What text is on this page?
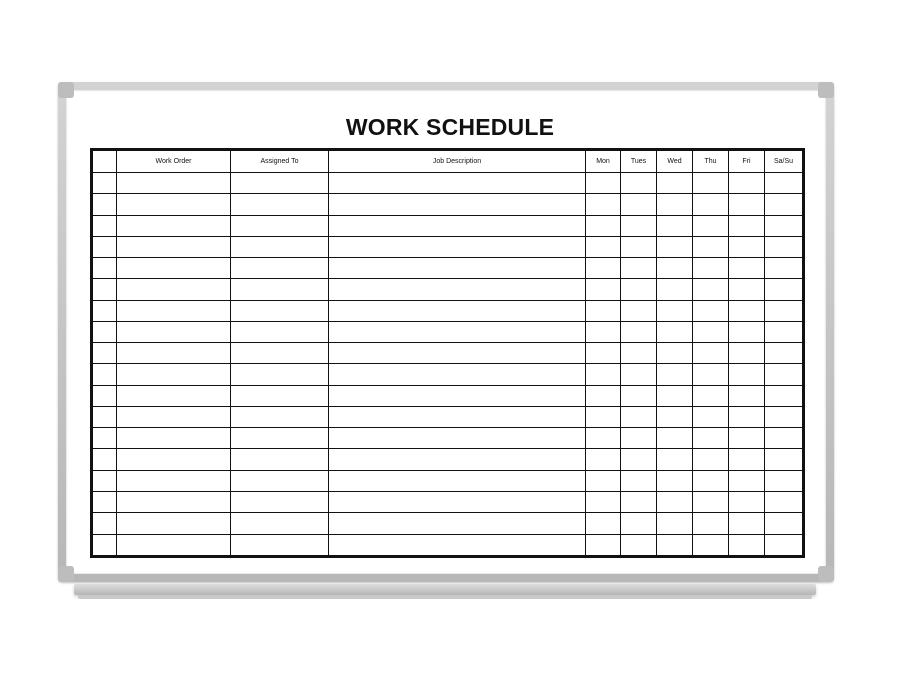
WORK SCHEDULE
	Work Order	Assigned To	Job Description	Mon	Tues	Wed	Thu	Fri	Sa/Su
